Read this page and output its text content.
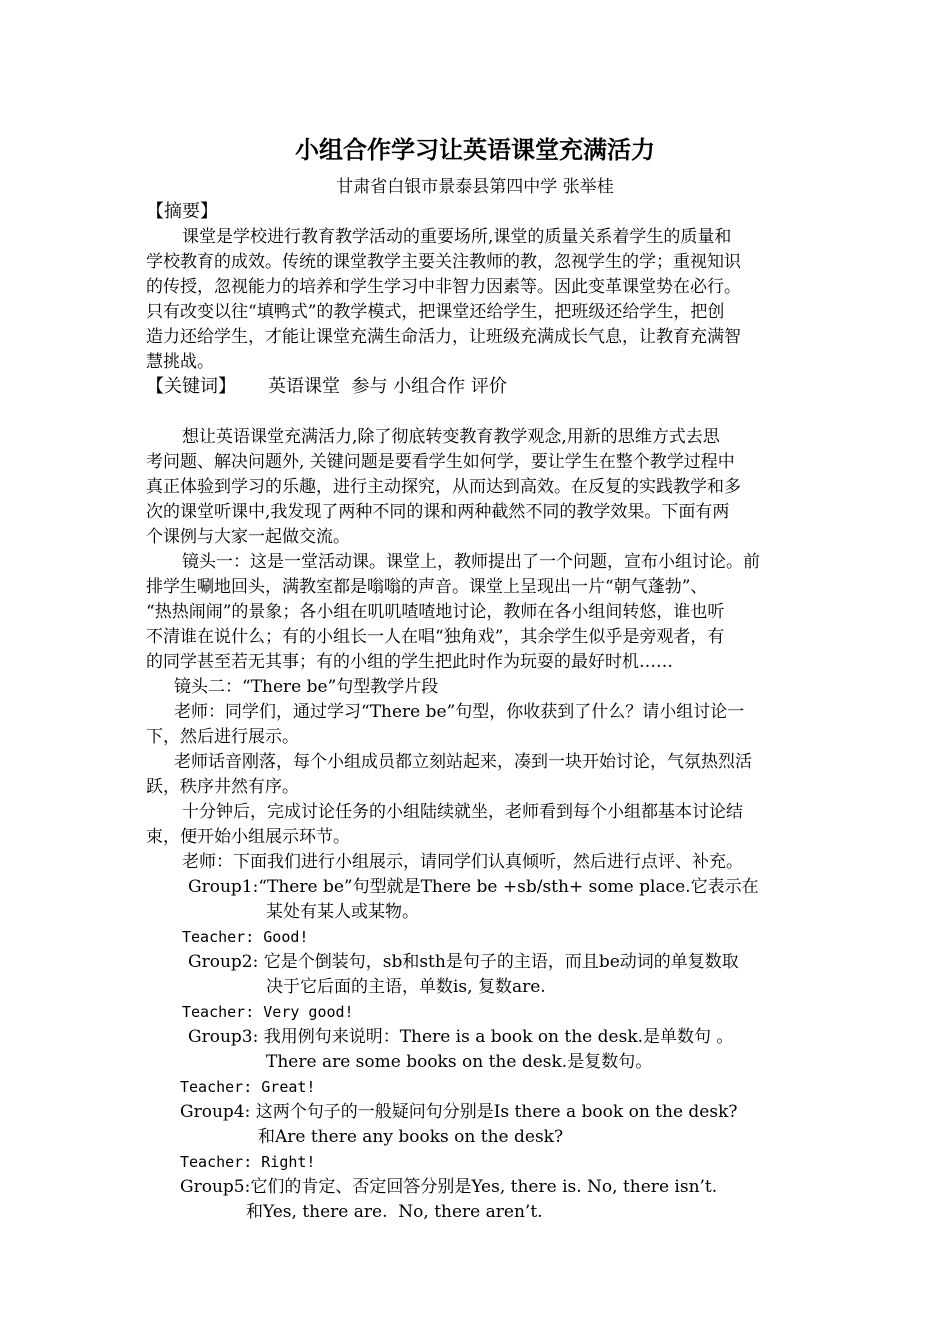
小组合作学习让英语课堂充满活力
甘肃省白银市景泰县第四中学 张举桂
【摘要】
课堂是学校进行教育教学活动的重要场所,课堂的质量关系着学生的质量和
学校教育的成效。传统的课堂教学主要关注教师的教，忽视学生的学；重视知识
的传授，忽视能力的培养和学生学习中非智力因素等。因此变革课堂势在必行。
只有改变以往“填鸭式”的教学模式，把课堂还给学生，把班级还给学生，把创
造力还给学生，才能让课堂充满生命活力，让班级充满成长气息，让教育充满智
慧挑战。
【关键词】 英语课堂  参与 小组合作 评价
想让英语课堂充满活力,除了彻底转变教育教学观念,用新的思维方式去思
考问题、解决问题外, 关键问题是要看学生如何学，要让学生在整个教学过程中
真正体验到学习的乐趣，进行主动探究，从而达到高效。在反复的实践教学和多
次的课堂听课中,我发现了两种不同的课和两种截然不同的教学效果。下面有两
个课例与大家一起做交流。
镜头一：这是一堂活动课。课堂上，教师提出了一个问题，宣布小组讨论。前
排学生唰地回头，满教室都是嗡嗡的声音。课堂上呈现出一片“朝气蓬勃”、
“热热闹闹”的景象；各小组在叽叽喳喳地讨论，教师在各小组间转悠，谁也听
不清谁在说什么；有的小组长一人在唱“独角戏”，其余学生似乎是旁观者，有
的同学甚至若无其事；有的小组的学生把此时作为玩耍的最好时机……
镜头二：“There be”句型教学片段
老师：同学们，通过学习“There be”句型，你收获到了什么？请小组讨论一
下，然后进行展示。
老师话音刚落，每个小组成员都立刻站起来，凑到一块开始讨论，气氛热烈活
跃，秩序井然有序。
十分钟后，完成讨论任务的小组陆续就坐，老师看到每个小组都基本讨论结
束，便开始小组展示环节。
老师：下面我们进行小组展示，请同学们认真倾听，然后进行点评、补充。
Group1:“There be”句型就是There be +sb/sth+ some place.它表示在
某处有某人或某物。
Teacher: Good!
Group2: 它是个倒装句，sb和sth是句子的主语，而且be动词的单复数取
决于它后面的主语，单数is, 复数are.
Teacher: Very good!
Group3: 我用例句来说明：There is a book on the desk.是单数句 。
There are some books on the desk.是复数句。
Teacher: Great!
Group4: 这两个句子的一般疑问句分别是Is there a book on the desk?
和Are there any books on the desk?
Teacher: Right!
Group5:它们的肯定、否定回答分别是Yes, there is. No, there isn’t.
和Yes, there are.  No, there aren’t.
